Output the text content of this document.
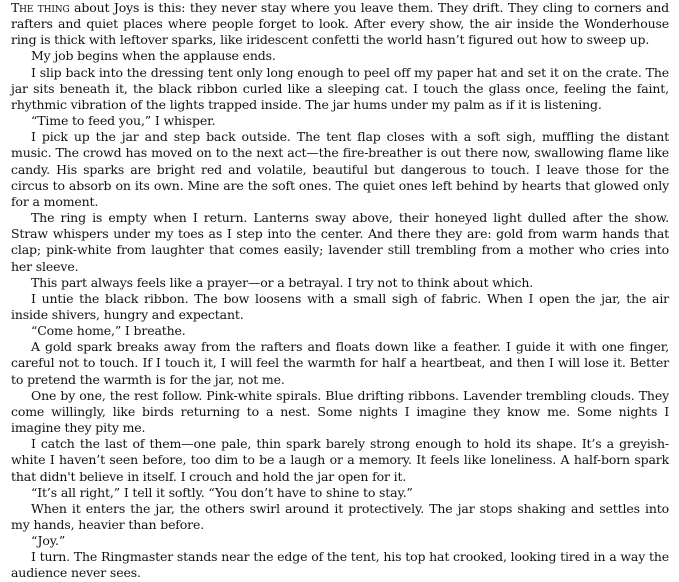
The thing about Joys is this: they never stay where you leave them. They drift. They cling to corners and rafters and quiet places where people forget to look. After every show, the air inside the Wonderhouse ring is thick with leftover sparks, like iridescent confetti the world hasn’t figured out how to sweep up.

My job begins when the applause ends.

I slip back into the dressing tent only long enough to peel off my paper hat and set it on the crate. The jar sits beneath it, the black ribbon curled like a sleeping cat. I touch the glass once, feeling the faint, rhythmic vibration of the lights trapped inside. The jar hums under my palm as if it is listening.

“Time to feed you,” I whisper.

I pick up the jar and step back outside. The tent flap closes with a soft sigh, muffling the distant music. The crowd has moved on to the next act—the fire-breather is out there now, swallowing flame like candy. His sparks are bright red and volatile, beautiful but dangerous to touch. I leave those for the circus to absorb on its own. Mine are the soft ones. The quiet ones left behind by hearts that glowed only for a moment.

The ring is empty when I return. Lanterns sway above, their honeyed light dulled after the show. Straw whispers under my toes as I step into the center. And there they are: gold from warm hands that clap; pink-white from laughter that comes easily; lavender still trembling from a mother who cries into her sleeve.

This part always feels like a prayer—or a betrayal. I try not to think about which.

I untie the black ribbon. The bow loosens with a small sigh of fabric. When I open the jar, the air inside shivers, hungry and expectant.

“Come home,” I breathe.

A gold spark breaks away from the rafters and floats down like a feather. I guide it with one finger, careful not to touch. If I touch it, I will feel the warmth for half a heartbeat, and then I will lose it. Better to pretend the warmth is for the jar, not me.

One by one, the rest follow. Pink-white spirals. Blue drifting ribbons. Lavender trembling clouds. They come willingly, like birds returning to a nest. Some nights I imagine they know me. Some nights I imagine they pity me.

I catch the last of them—one pale, thin spark barely strong enough to hold its shape. It’s a greyish-white I haven’t seen before, too dim to be a laugh or a memory. It feels like loneliness. A half-born spark that didn't believe in itself. I crouch and hold the jar open for it.

“It’s all right,” I tell it softly. “You don’t have to shine to stay.”

When it enters the jar, the others swirl around it protectively. The jar stops shaking and settles into my hands, heavier than before.

“Joy.”

I turn. The Ringmaster stands near the edge of the tent, his top hat crooked, looking tired in a way the audience never sees.
